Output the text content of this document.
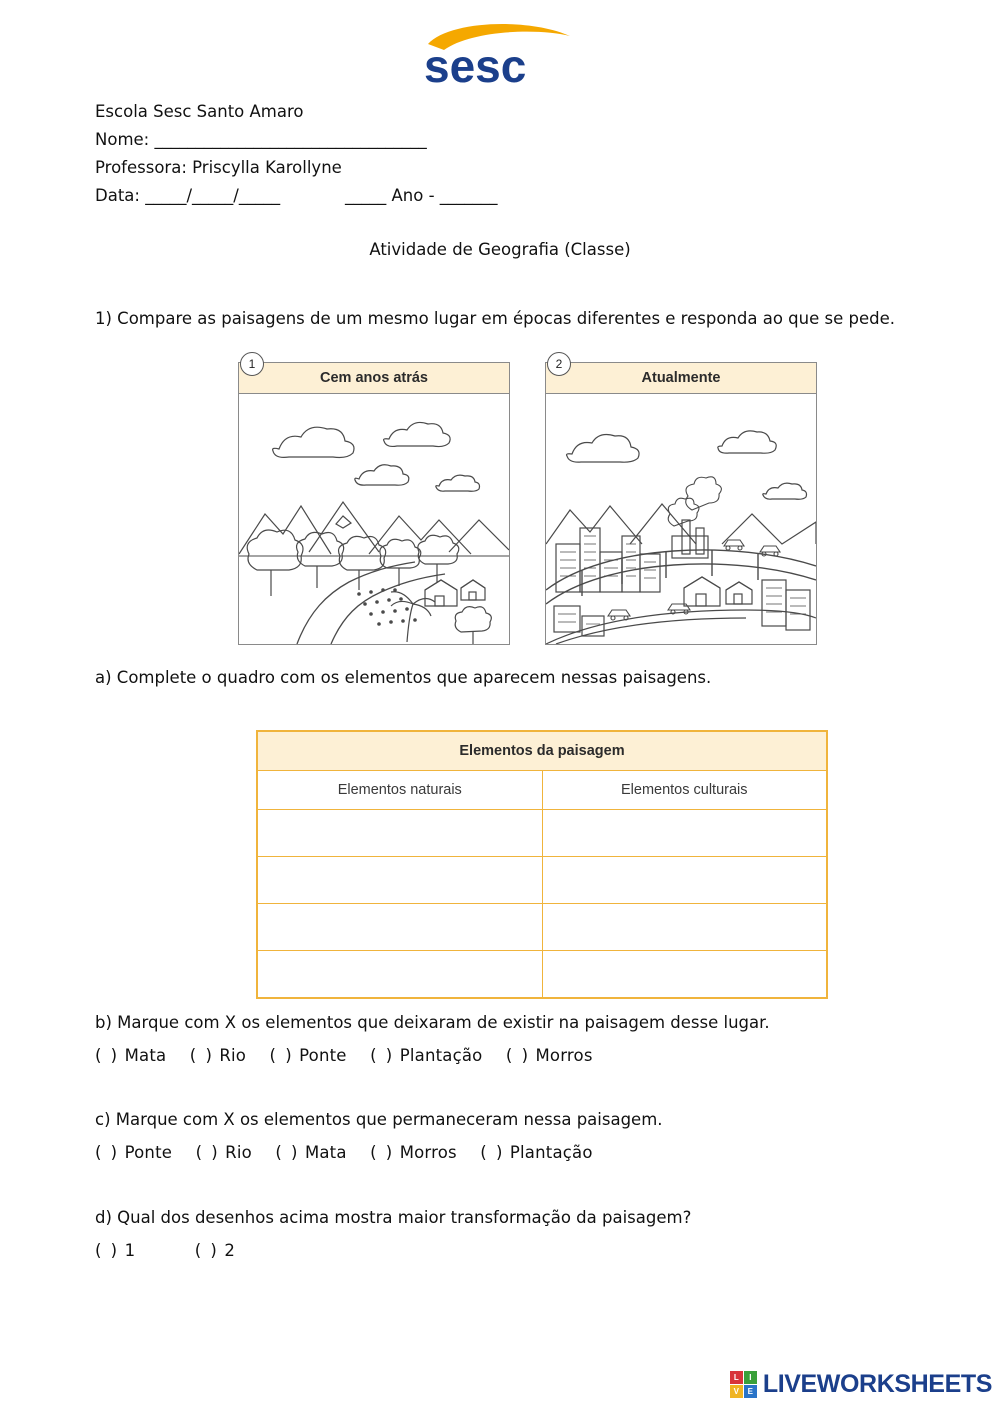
sesc
Escola Sesc Santo Amaro
Nome: _________________________________
Professora: Priscylla Karollyne
Data: _____/_____/_____	_____ Ano - _______
Atividade de Geografia (Classe)
1) Compare as paisagens de um mesmo lugar em épocas diferentes e responda ao que se pede.
1
Cem anos atrás
2
Atualmente
a) Complete o quadro com os elementos que aparecem nessas paisagens.
Elementos da paisagem	
Elementos naturais	Elementos culturais

b) Marque com X os elementos que deixaram de existir na paisagem desse lugar.
( ) Mata ( ) Rio ( ) Ponte ( ) Plantação ( ) Morros
c) Marque com X os elementos que permaneceram nessa paisagem.
( ) Ponte ( ) Rio ( ) Mata ( ) Morros ( ) Plantação
d) Qual dos desenhos acima mostra maior transformação da paisagem?
( ) 1	( ) 2
L	I
V	E LIVEWORKSHEETS
